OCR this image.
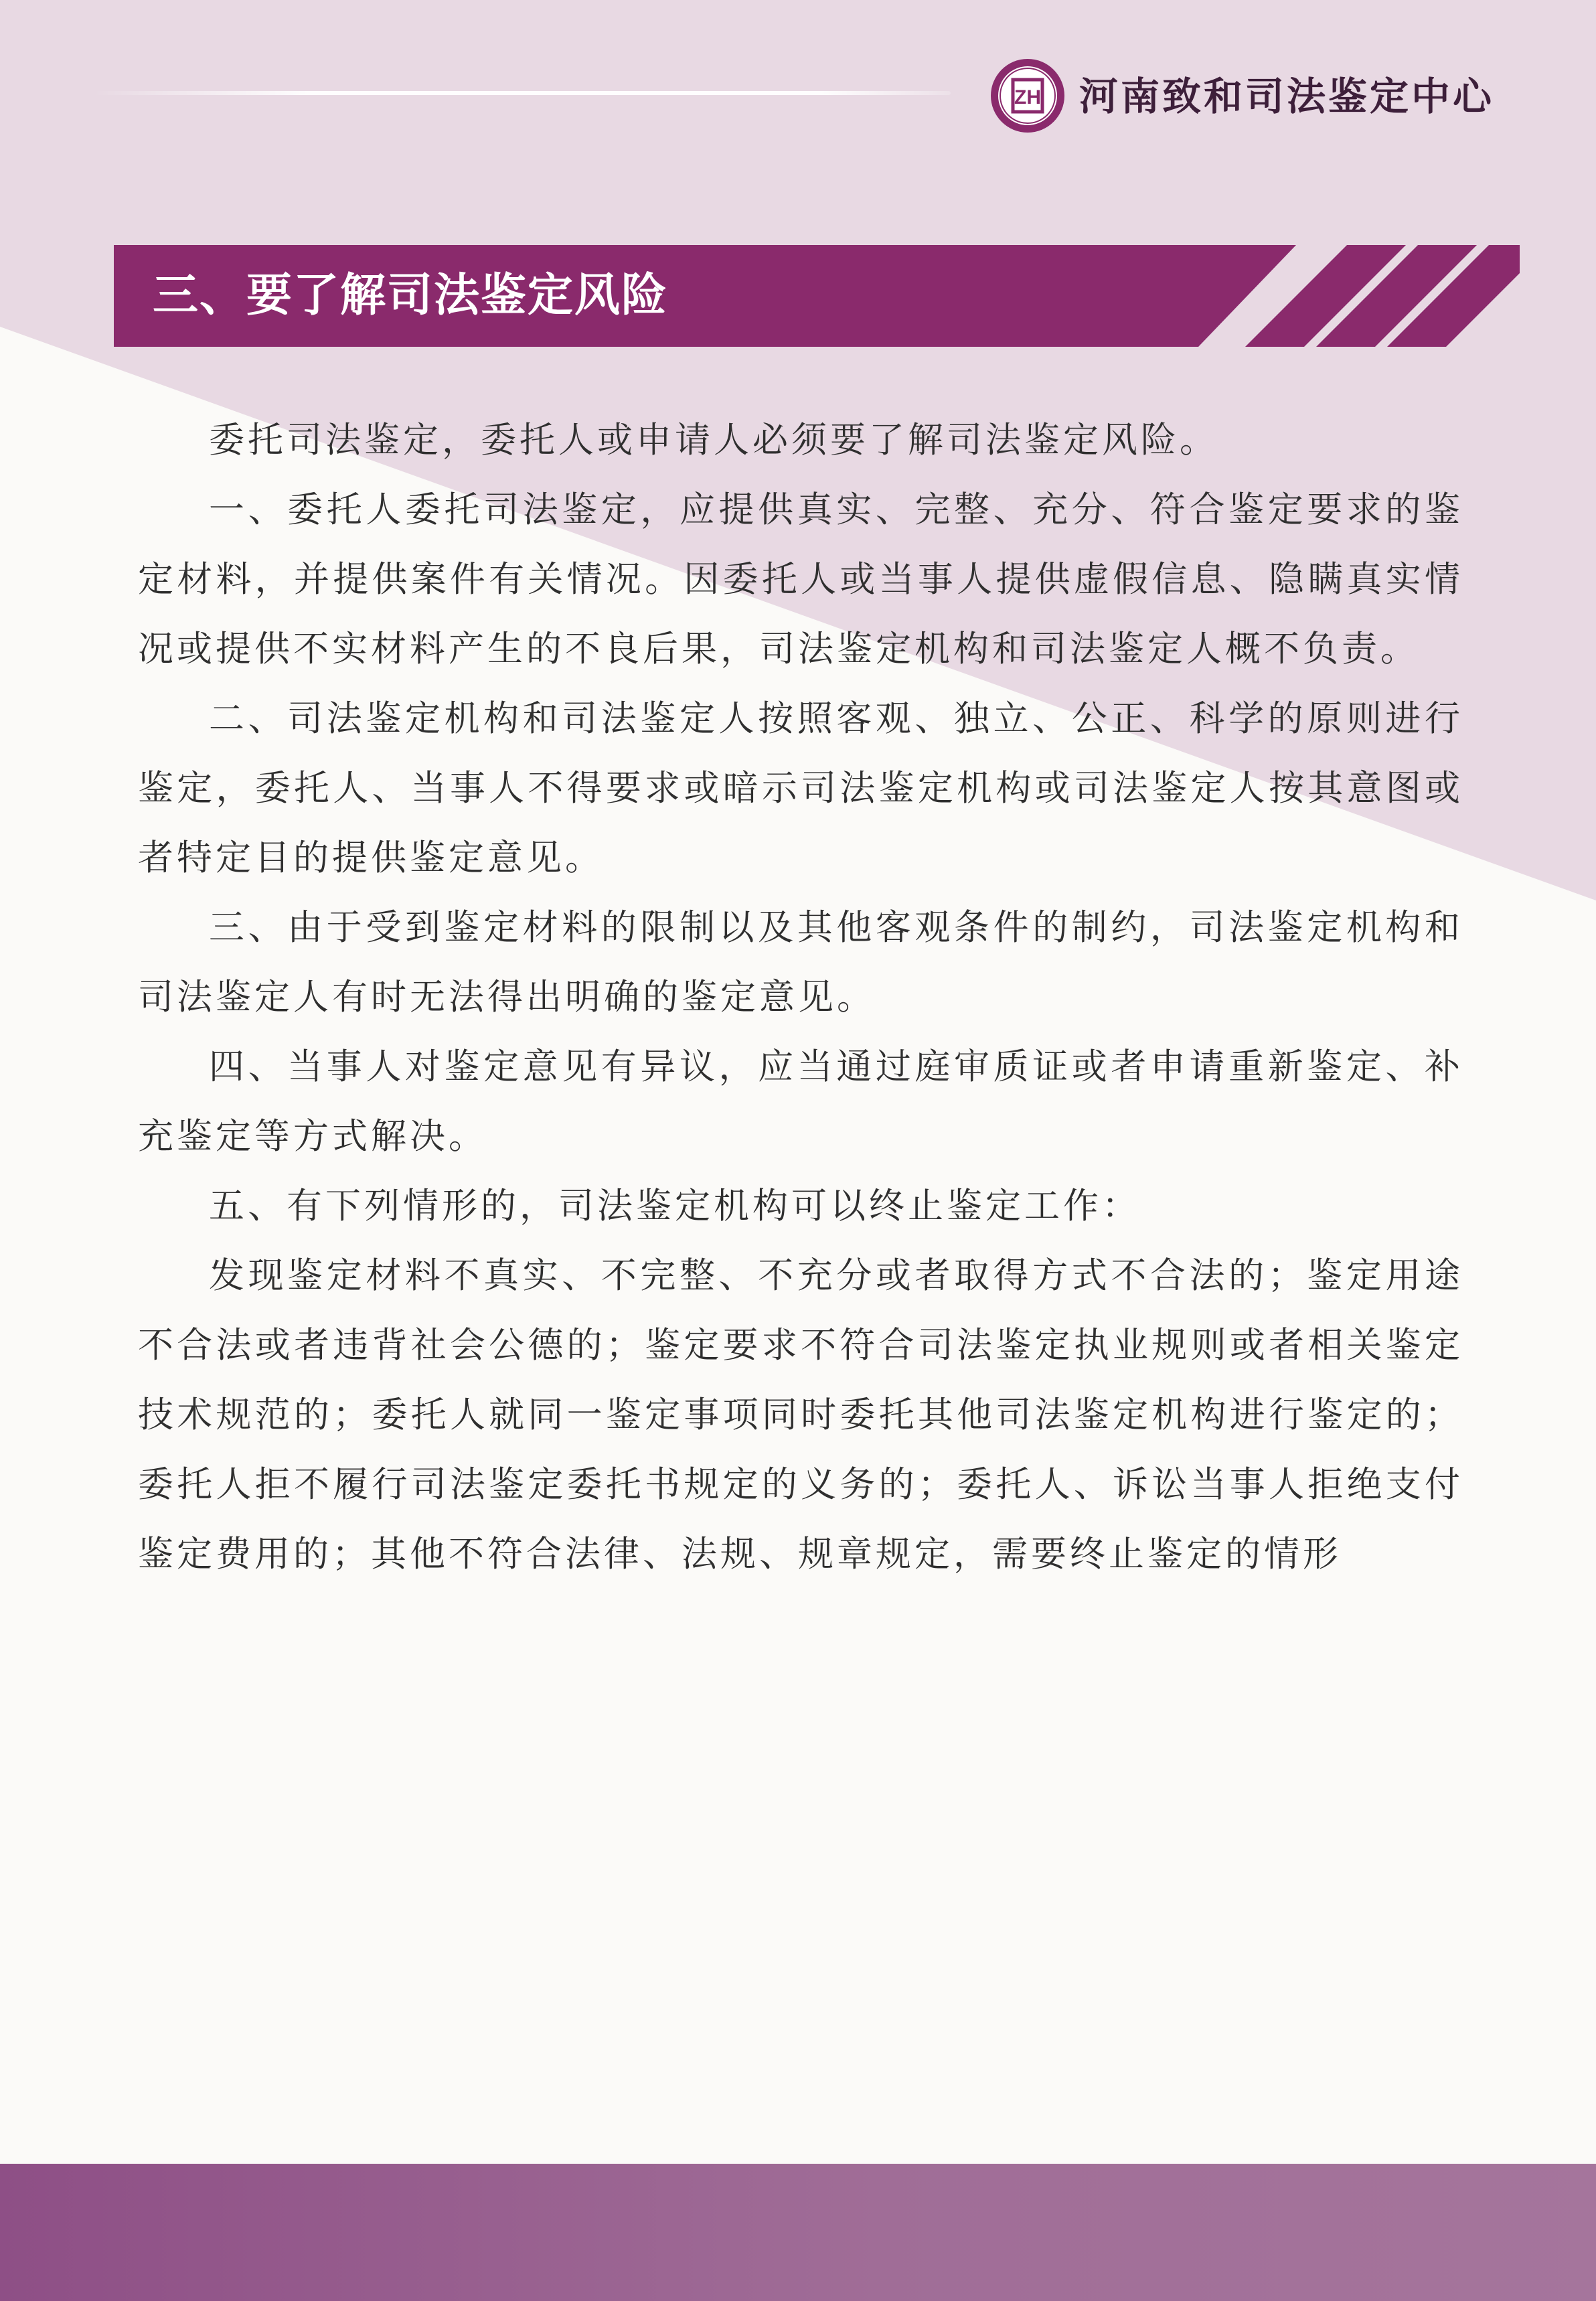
ZH 河南致和司法鉴定中心
三、要了解司法鉴定风险

委托司法鉴定，委托人或申请人必须要了解司法鉴定风险。

一、委托人委托司法鉴定，应提供真实、完整、充分、符合鉴定要求的鉴定材料，并提供案件有关情况。因委托人或当事人提供虚假信息、隐瞒真实情况或提供不实材料产生的不良后果，司法鉴定机构和司法鉴定人概不负责。

二、司法鉴定机构和司法鉴定人按照客观、独立、公正、科学的原则进行鉴定，委托人、当事人不得要求或暗示司法鉴定机构或司法鉴定人按其意图或者特定目的提供鉴定意见。

三、由于受到鉴定材料的限制以及其他客观条件的制约，司法鉴定机构和司法鉴定人有时无法得出明确的鉴定意见。

四、当事人对鉴定意见有异议，应当通过庭审质证或者申请重新鉴定、补充鉴定等方式解决。

五、有下列情形的，司法鉴定机构可以终止鉴定工作：

发现鉴定材料不真实、不完整、不充分或者取得方式不合法的；鉴定用途不合法或者违背社会公德的；鉴定要求不符合司法鉴定执业规则或者相关鉴定技术规范的；委托人就同一鉴定事项同时委托其他司法鉴定机构进行鉴定的；委托人拒不履行司法鉴定委托书规定的义务的；委托人、诉讼当事人拒绝支付鉴定费用的；其他不符合法律、法规、规章规定，需要终止鉴定的情形
